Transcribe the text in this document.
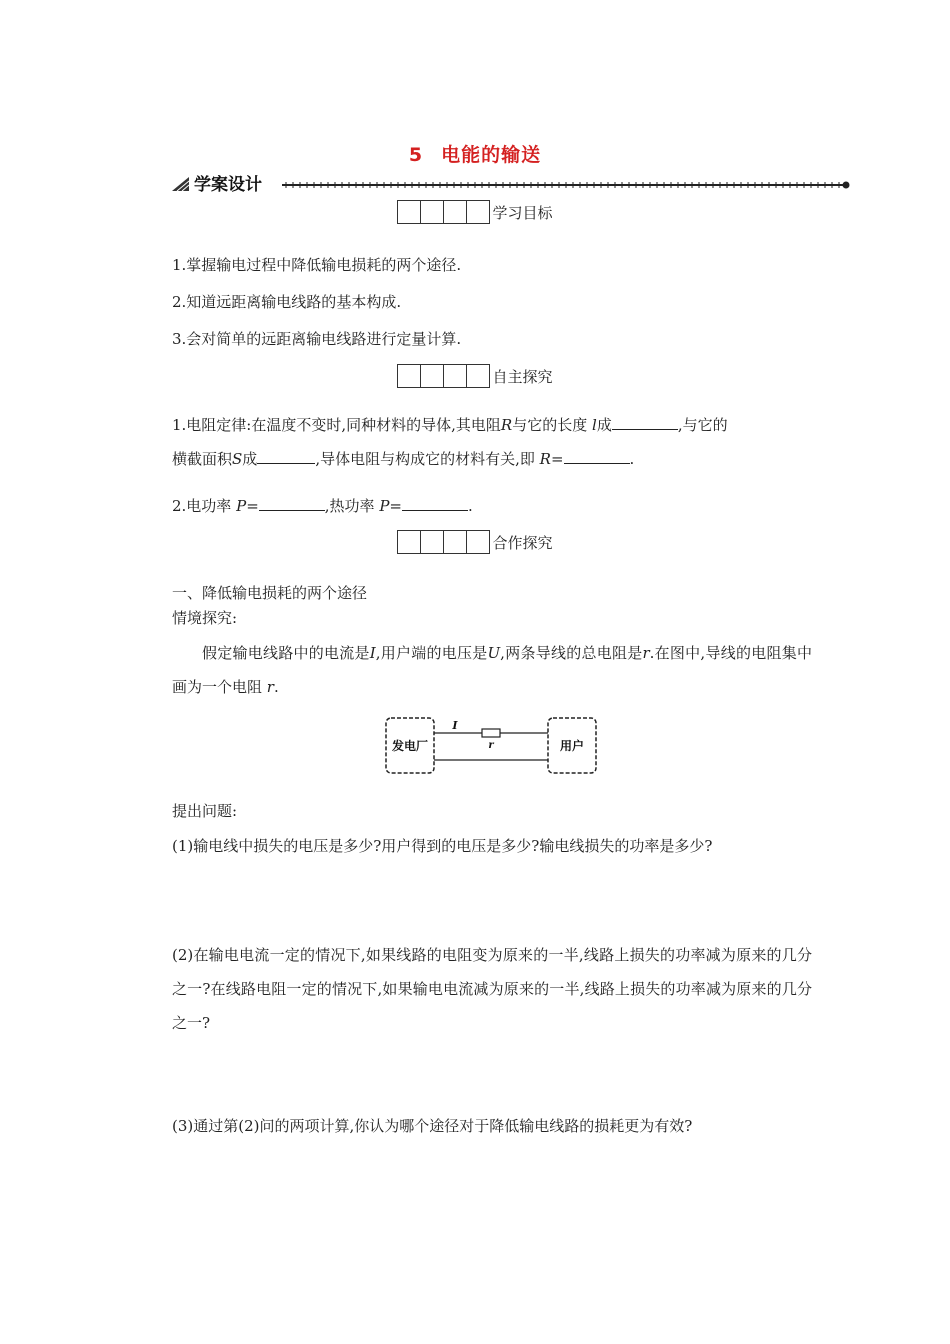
5 电能的输送
学案设计
学习目标
1.掌握输电过程中降低输电损耗的两个途径.
2.知道远距离输电线路的基本构成.
3.会对简单的远距离输电线路进行定量计算.
自主探究
1.电阻定律:在温度不变时,同种材料的导体,其电阻R与它的长度 l成	,与它的
横截面积S成	,导体电阻与构成它的材料有关,即 R=	.
2.电功率 P=	,热功率 P=	.
合作探究
一、降低输电损耗的两个途径
情境探究:
假定输电线路中的电流是I,用户端的电压是U,两条导线的总电阻是r.在图中,导线的电阻集中画为一个电阻 r.
发电厂	用户
I
r
提出问题:
(1)输电线中损失的电压是多少?用户得到的电压是多少?输电线损失的功率是多少?
(2)在输电电流一定的情况下,如果线路的电阻变为原来的一半,线路上损失的功率减为原来的几分之一?在线路电阻一定的情况下,如果输电电流减为原来的一半,线路上损失的功率减为原来的几分之一?
(3)通过第(2)问的两项计算,你认为哪个途径对于降低输电线路的损耗更为有效?
